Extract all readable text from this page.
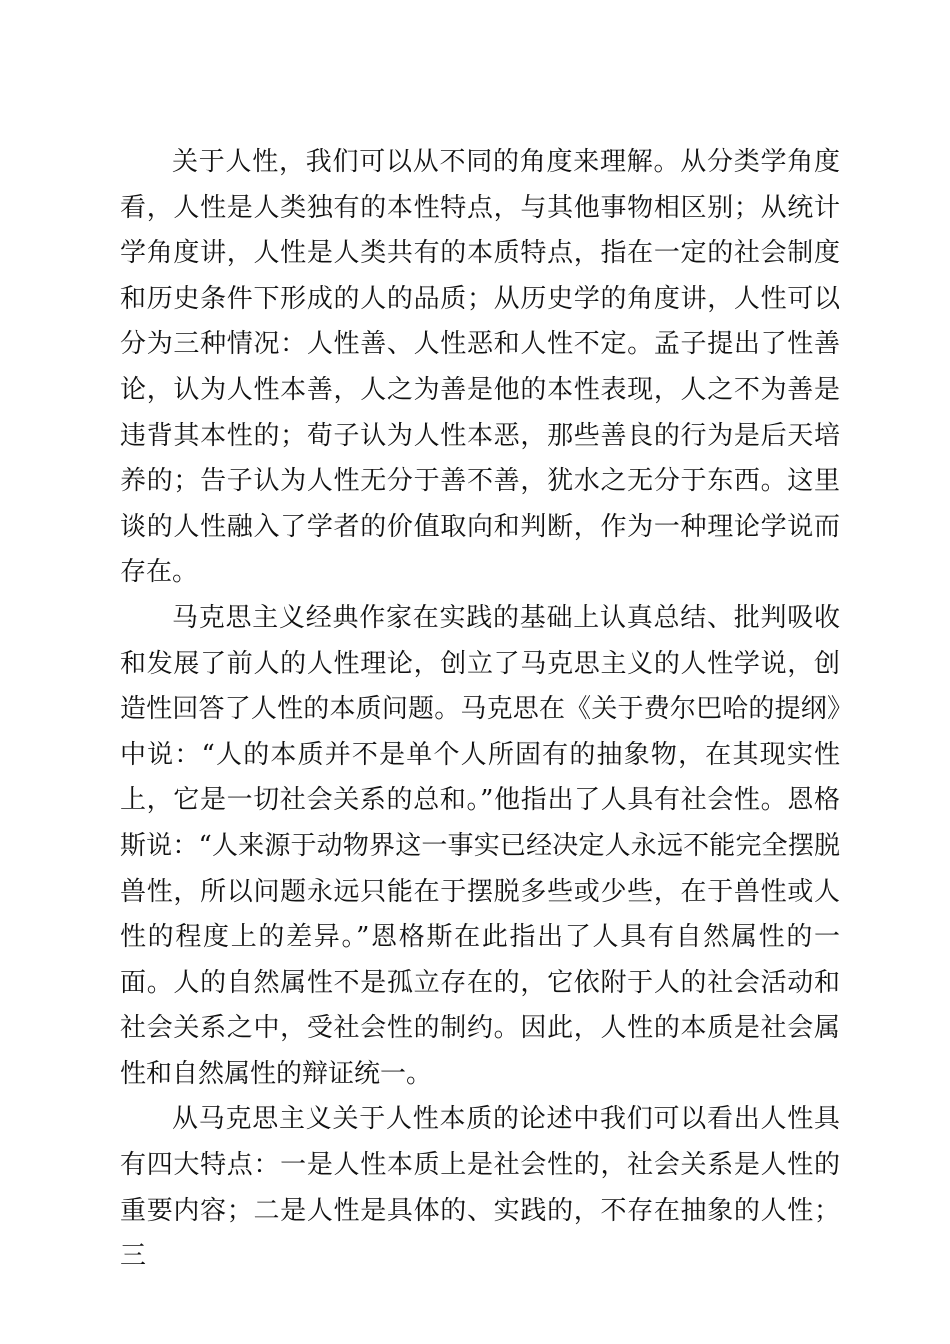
关于人性，我们可以从不同的角度来理解。从分类学角度看，人性是人类独有的本性特点，与其他事物相区别；从统计学角度讲，人性是人类共有的本质特点，指在一定的社会制度和历史条件下形成的人的品质；从历史学的角度讲，人性可以分为三种情况：人性善、人性恶和人性不定。孟子提出了性善论，认为人性本善，人之为善是他的本性表现，人之不为善是违背其本性的；荀子认为人性本恶，那些善良的行为是后天培养的；告子认为人性无分于善不善，犹水之无分于东西。这里谈的人性融入了学者的价值取向和判断，作为一种理论学说而存在。

马克思主义经典作家在实践的基础上认真总结、批判吸收和发展了前人的人性理论，创立了马克思主义的人性学说，创造性回答了人性的本质问题。马克思在《关于费尔巴哈的提纲》中说：“人的本质并不是单个人所固有的抽象物，在其现实性上，它是一切社会关系的总和。”他指出了人具有社会性。恩格斯说：“人来源于动物界这一事实已经决定人永远不能完全摆脱兽性，所以问题永远只能在于摆脱多些或少些，在于兽性或人性的程度上的差异。”恩格斯在此指出了人具有自然属性的一面。人的自然属性不是孤立存在的，它依附于人的社会活动和社会关系之中，受社会性的制约。因此，人性的本质是社会属性和自然属性的辩证统一。

从马克思主义关于人性本质的论述中我们可以看出人性具有四大特点：一是人性本质上是社会性的，社会关系是人性的重要内容；二是人性是具体的、实践的，不存在抽象的人性；三
